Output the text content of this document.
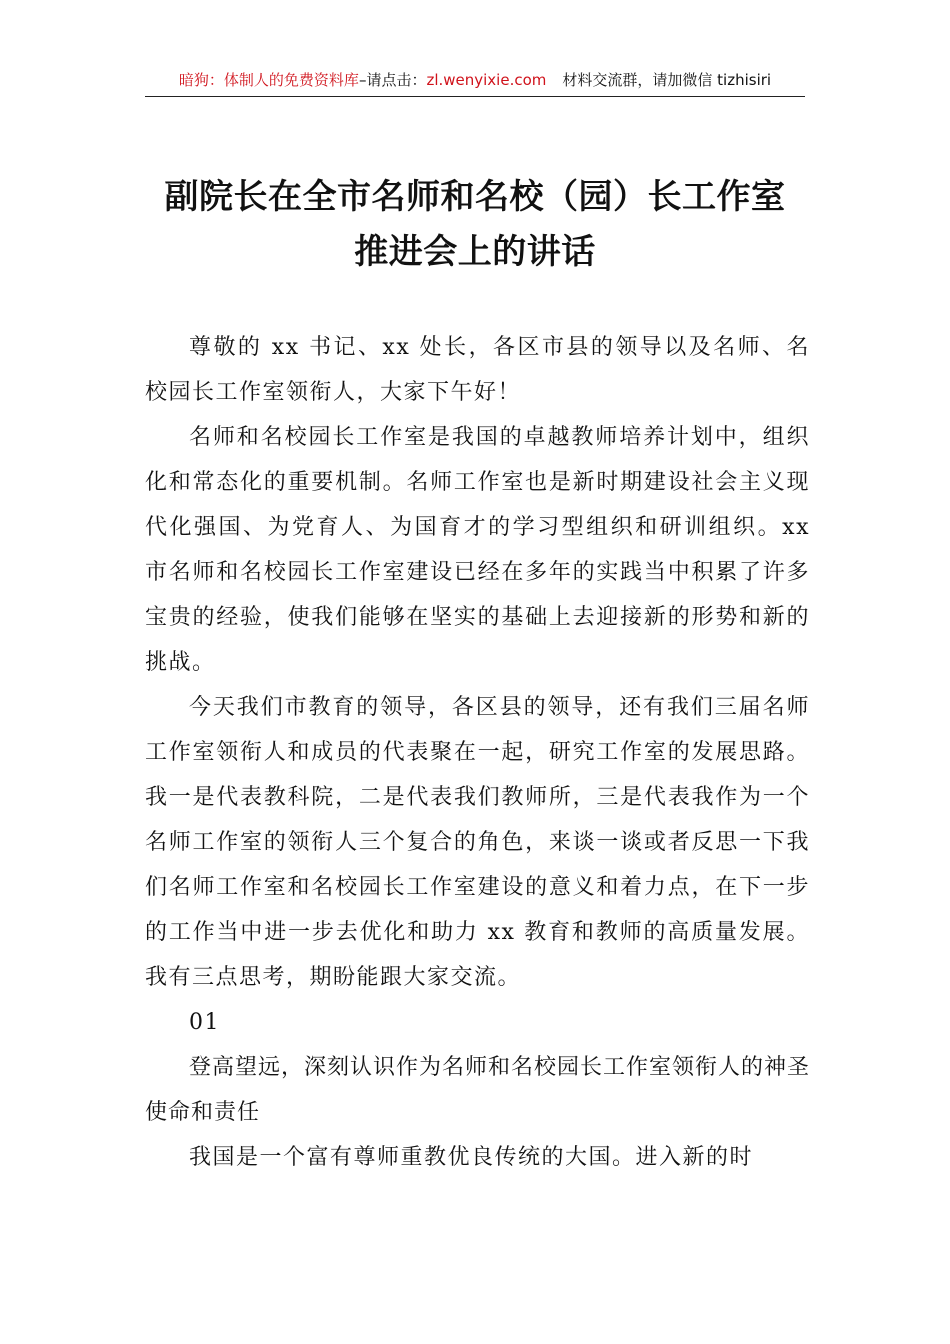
暗狗：体制人的免费资料库–请点击：zl.wenyixie.com 材料交流群，请加微信 tizhisiri
副院长在全市名师和名校（园）长工作室
推进会上的讲话

尊敬的 xx 书记、xx 处长，各区市县的领导以及名师、名校园长工作室领衔人，大家下午好！

名师和名校园长工作室是我国的卓越教师培养计划中，组织化和常态化的重要机制。名师工作室也是新时期建设社会主义现代化强国、为党育人、为国育才的学习型组织和研训组织。xx 市名师和名校园长工作室建设已经在多年的实践当中积累了许多宝贵的经验，使我们能够在坚实的基础上去迎接新的形势和新的挑战。

今天我们市教育的领导，各区县的领导，还有我们三届名师工作室领衔人和成员的代表聚在一起，研究工作室的发展思路。我一是代表教科院，二是代表我们教师所，三是代表我作为一个名师工作室的领衔人三个复合的角色，来谈一谈或者反思一下我们名师工作室和名校园长工作室建设的意义和着力点，在下一步的工作当中进一步去优化和助力 xx 教育和教师的高质量发展。我有三点思考，期盼能跟大家交流。

01

登高望远，深刻认识作为名师和名校园长工作室领衔人的神圣使命和责任

我国是一个富有尊师重教优良传统的大国。进入新的时
